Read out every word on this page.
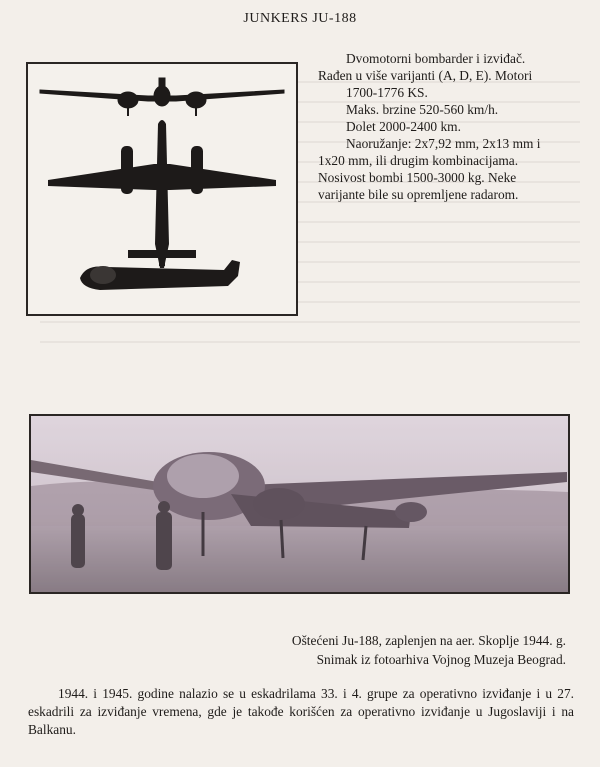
JUNKERS JU-188

Dvomotorni bombarder i izviđač.

Rađen u više varijanti (A, D, E). Motori
1700-1776 KS.

Maks. brzine 520-560 km/h.

Dolet 2000-2400 km.

Naoružanje: 2x7,92 mm, 2x13 mm i

1x20 mm, ili drugim kombinacijama.
Nosivost bombi 1500-3000 kg. Neke
varijante bile su opremljene radarom.

Oštećeni Ju-188, zaplenjen na aer. Skoplje 1944. g.
Snimak iz fotoarhiva Vojnog Muzeja Beograd.

1944. i 1945. godine nalazio se u eskadrilama 33. i 4. grupe za operativno izviđanje i u 27. eskadrili za izviđanje vremena, gde je takođe korišćen za operativno izviđanje u Jugoslaviji i na Balkanu.
